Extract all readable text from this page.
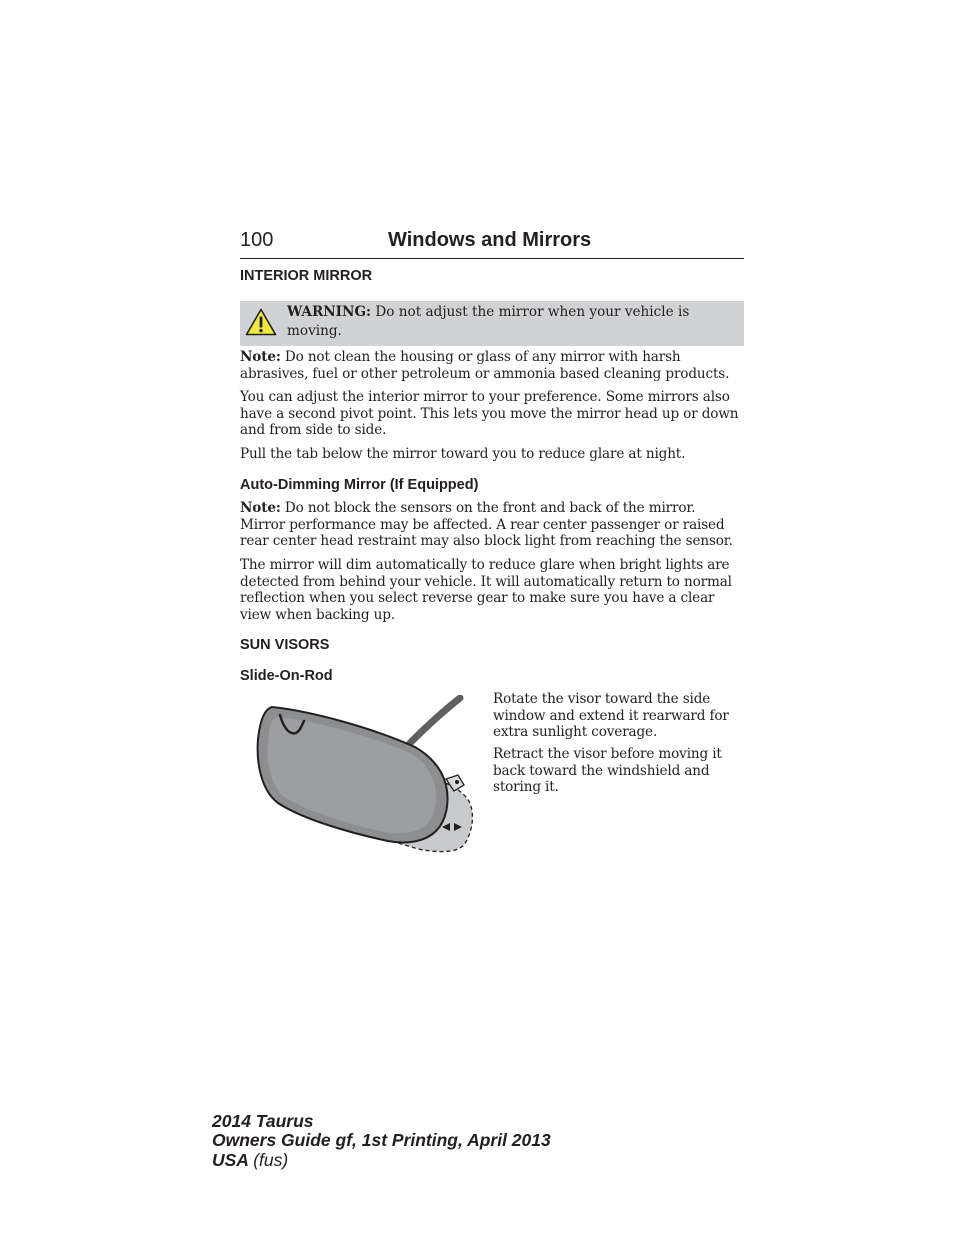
100	Windows and Mirrors
INTERIOR MIRROR
WARNING: Do not adjust the mirror when your vehicle is moving.
Note: Do not clean the housing or glass of any mirror with harsh abrasives, fuel or other petroleum or ammonia based cleaning products.
You can adjust the interior mirror to your preference. Some mirrors also have a second pivot point. This lets you move the mirror head up or down and from side to side.
Pull the tab below the mirror toward you to reduce glare at night.
Auto-Dimming Mirror (If Equipped)
Note: Do not block the sensors on the front and back of the mirror. Mirror performance may be affected. A rear center passenger or raised rear center head restraint may also block light from reaching the sensor.
The mirror will dim automatically to reduce glare when bright lights are detected from behind your vehicle. It will automatically return to normal reflection when you select reverse gear to make sure you have a clear view when backing up.
SUN VISORS
Slide-On-Rod
Rotate the visor toward the side window and extend it rearward for extra sunlight coverage.
Retract the visor before moving it back toward the windshield and storing it.
2014 Taurus
Owners Guide gf, 1st Printing, April 2013
USA (fus)
